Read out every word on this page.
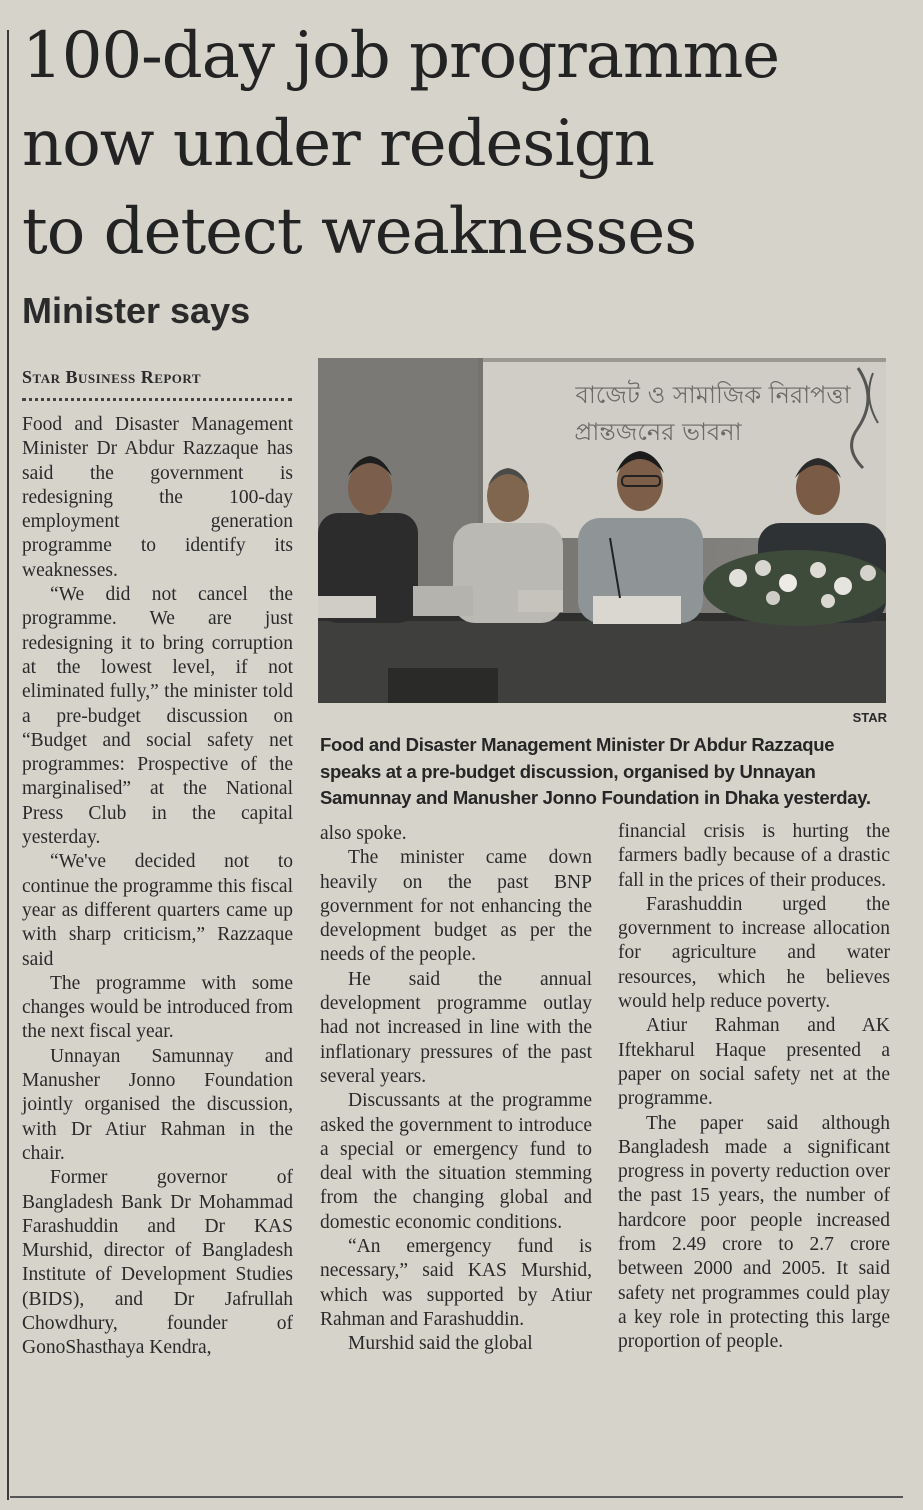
100-day job programme
now under redesign
to detect weaknesses
Minister says
Star Business Report

Food and Disaster Management Minister Dr Abdur Razzaque has said the government is redesigning the 100-day employment generation programme to identify its weaknesses.

“We did not cancel the programme. We are just redesigning it to bring corruption at the lowest level, if not eliminated fully,” the minister told a pre-budget discussion on “Budget and social safety net programmes: Prospective of the marginalised” at the National Press Club in the capital yesterday.

“We've decided not to continue the programme this fiscal year as different quarters came up with sharp criticism,” Razzaque said

The programme with some changes would be introduced from the next fiscal year.

Unnayan Samunnay and Manusher Jonno Foundation jointly organised the discussion, with Dr Atiur Rahman in the chair.

Former governor of Bangladesh Bank Dr Mohammad Farashuddin and Dr KAS Murshid, director of Bangladesh Institute of Development Studies (BIDS), and Dr Jafrullah Chowdhury, founder of GonoShasthaya Kendra,

বাজেট ও সামাজিক নিরাপত্তা
প্রান্তজনের ভাবনা
STAR
Food and Disaster Management Minister Dr Abdur Razzaque speaks at a pre-budget discussion, organised by Unnayan Samunnay and Manusher Jonno Foundation in Dhaka yesterday.

also spoke.

The minister came down heavily on the past BNP government for not enhancing the development budget as per the needs of the people.

He said the annual development programme outlay had not increased in line with the inflationary pressures of the past several years.

Discussants at the programme asked the government to introduce a special or emergency fund to deal with the situation stemming from the changing global and domestic economic conditions.

“An emergency fund is necessary,” said KAS Murshid, which was supported by Atiur Rahman and Farashuddin.

Murshid said the global

financial crisis is hurting the farmers badly because of a drastic fall in the prices of their produces.

Farashuddin urged the government to increase allocation for agriculture and water resources, which he believes would help reduce poverty.

Atiur Rahman and AK Iftekharul Haque presented a paper on social safety net at the programme.

The paper said although Bangladesh made a significant progress in poverty reduction over the past 15 years, the number of hardcore poor people increased from 2.49 crore to 2.7 crore between 2000 and 2005. It said safety net programmes could play a key role in protecting this large proportion of people.
